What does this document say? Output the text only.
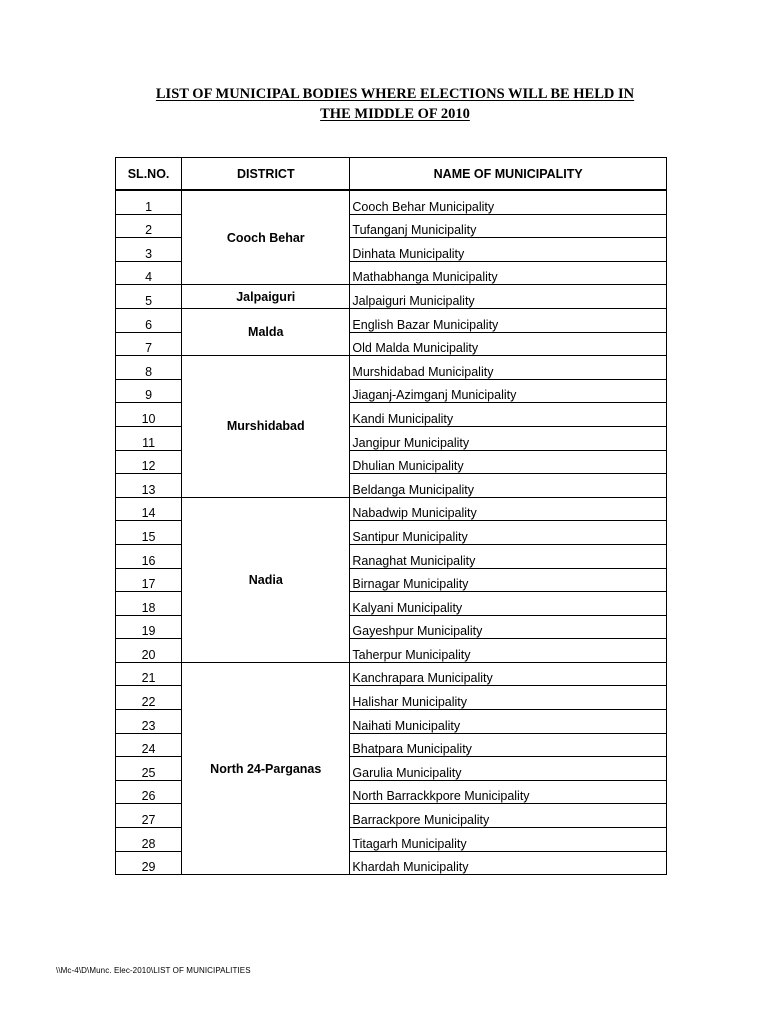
LIST OF MUNICIPAL BODIES WHERE ELECTIONS WILL BE HELD IN
THE MIDDLE OF 2010
SL.NO.	DISTRICT	NAME OF MUNICIPALITY
1	Cooch Behar	Cooch Behar Municipality
2		Tufanganj Municipality
3		Dinhata Municipality
4		Mathabhanga Municipality
5	Jalpaiguri	Jalpaiguri Municipality
6	Malda	English Bazar Municipality
7		Old Malda Municipality
8	Murshidabad	Murshidabad Municipality
9		Jiaganj-Azimganj Municipality
10		Kandi Municipality
11		Jangipur Municipality
12		Dhulian Municipality
13		Beldanga Municipality
14	Nadia	Nabadwip Municipality
15		Santipur Municipality
16		Ranaghat Municipality
17		Birnagar Municipality
18		Kalyani Municipality
19		Gayeshpur Municipality
20		Taherpur Municipality
21	North 24-Parganas	Kanchrapara Municipality
22		Halishar Municipality
23		Naihati Municipality
24		Bhatpara Municipality
25		Garulia Municipality
26		North Barrackkpore Municipality
27		Barrackpore Municipality
28		Titagarh Municipality
29		Khardah Municipality
\\Mc-4\D\Munc. Elec-2010\LIST OF MUNICIPALITIES
